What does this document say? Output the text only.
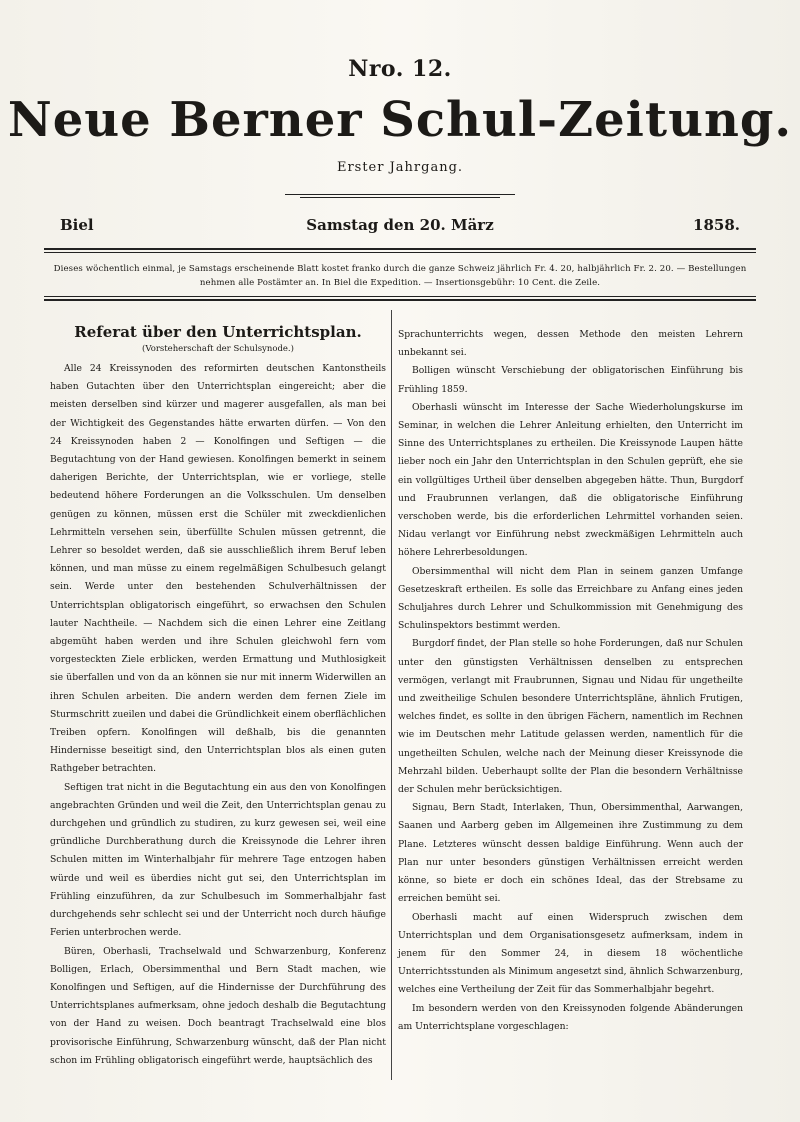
Nro. 12.
Neue Berner Schul-Zeitung.
Erster Jahrgang.
Biel	Samstag den 20. März	1858.
Dieses wöchentlich einmal, je Samstags erscheinende Blatt kostet franko durch die ganze Schweiz jährlich Fr. 4. 20, halbjährlich Fr. 2. 20. — Bestellungen nehmen alle Postämter an. In Biel die Expedition. — Insertionsgebühr: 10 Cent. die Zeile.
Referat über den Unterrichtsplan.
(Vorsteherschaft der Schulsynode.)

Alle 24 Kreissynoden des reformirten deutschen Kantonstheils haben Gutachten über den Unterrichtsplan eingereicht; aber die meisten derselben sind kürzer und magerer ausgefallen, als man bei der Wichtigkeit des Gegenstandes hätte erwarten dürfen. — Von den 24 Kreissynoden haben 2 — Konolfingen und Seftigen — die Begutachtung von der Hand gewiesen. Konolfingen bemerkt in seinem daherigen Berichte, der Unterrichtsplan, wie er vorliege, stelle bedeutend höhere Forderungen an die Volksschulen. Um denselben genügen zu können, müssen erst die Schüler mit zweckdienlichen Lehrmitteln versehen sein, überfüllte Schulen müssen getrennt, die Lehrer so besoldet werden, daß sie ausschließlich ihrem Beruf leben können, und man müsse zu einem regelmäßigen Schulbesuch gelangt sein. Werde unter den bestehenden Schulverhältnissen der Unterrichtsplan obligatorisch eingeführt, so erwachsen den Schulen lauter Nachtheile. — Nachdem sich die einen Lehrer eine Zeitlang abgemüht haben werden und ihre Schulen gleichwohl fern vom vorgesteckten Ziele erblicken, werden Ermattung und Muthlosigkeit sie überfallen und von da an können sie nur mit innerm Widerwillen an ihren Schulen arbeiten. Die andern werden dem fernen Ziele im Sturmschritt zueilen und dabei die Gründlichkeit einem oberflächlichen Treiben opfern. Konolfingen will deßhalb, bis die genannten Hindernisse beseitigt sind, den Unterrichtsplan blos als einen guten Rathgeber betrachten.

Seftigen trat nicht in die Begutachtung ein aus den von Konolfingen angebrachten Gründen und weil die Zeit, den Unterrichtsplan genau zu durchgehen und gründlich zu studiren, zu kurz gewesen sei, weil eine gründliche Durchberathung durch die Kreissynode die Lehrer ihren Schulen mitten im Winterhalbjahr für mehrere Tage entzogen haben würde und weil es überdies nicht gut sei, den Unterrichtsplan im Frühling einzuführen, da zur Schulbesuch im Sommerhalbjahr fast durchgehends sehr schlecht sei und der Unterricht noch durch häufige Ferien unterbrochen werde.

Büren, Oberhasli, Trachselwald und Schwarzenburg, Konferenz Bolligen, Erlach, Obersimmenthal und Bern Stadt machen, wie Konolfingen und Seftigen, auf die Hindernisse der Durchführung des Unterrichtsplanes aufmerksam, ohne jedoch deshalb die Begutachtung von der Hand zu weisen. Doch beantragt Trachselwald eine blos provisorische Einführung, Schwarzenburg wünscht, daß der Plan nicht schon im Frühling obligatorisch eingeführt werde, hauptsächlich des

Sprachunterrichts wegen, dessen Methode den meisten Lehrern unbekannt sei.

Bolligen wünscht Verschiebung der obligatorischen Einführung bis Frühling 1859.

Oberhasli wünscht im Interesse der Sache Wiederholungskurse im Seminar, in welchen die Lehrer Anleitung erhielten, den Unterricht im Sinne des Unterrichtsplanes zu ertheilen. Die Kreissynode Laupen hätte lieber noch ein Jahr den Unterrichtsplan in den Schulen geprüft, ehe sie ein vollgültiges Urtheil über denselben abgegeben hätte. Thun, Burgdorf und Fraubrunnen verlangen, daß die obligatorische Einführung verschoben werde, bis die erforderlichen Lehrmittel vorhanden seien. Nidau verlangt vor Einführung nebst zweckmäßigen Lehrmitteln auch höhere Lehrerbesoldungen.

Obersimmenthal will nicht dem Plan in seinem ganzen Umfange Gesetzeskraft ertheilen. Es solle das Erreichbare zu Anfang eines jeden Schuljahres durch Lehrer und Schulkommission mit Genehmigung des Schulinspektors bestimmt werden.

Burgdorf findet, der Plan stelle so hohe Forderungen, daß nur Schulen unter den günstigsten Verhältnissen denselben zu entsprechen vermögen, verlangt mit Fraubrunnen, Signau und Nidau für ungetheilte und zweitheilige Schulen besondere Unterrichtspläne, ähnlich Frutigen, welches findet, es sollte in den übrigen Fächern, namentlich im Rechnen wie im Deutschen mehr Latitude gelassen werden, namentlich für die ungetheilten Schulen, welche nach der Meinung dieser Kreissynode die Mehrzahl bilden. Ueberhaupt sollte der Plan die besondern Verhältnisse der Schulen mehr berücksichtigen.

Signau, Bern Stadt, Interlaken, Thun, Obersimmenthal, Aarwangen, Saanen und Aarberg geben im Allgemeinen ihre Zustimmung zu dem Plane. Letzteres wünscht dessen baldige Einführung. Wenn auch der Plan nur unter besonders günstigen Verhältnissen erreicht werden könne, so biete er doch ein schönes Ideal, das der Strebsame zu erreichen bemüht sei.

Oberhasli macht auf einen Widerspruch zwischen dem Unterrichtsplan und dem Organisationsgesetz aufmerksam, indem in jenem für den Sommer 24, in diesem 18 wöchentliche Unterrichtsstunden als Minimum angesetzt sind, ähnlich Schwarzenburg, welches eine Vertheilung der Zeit für das Sommerhalbjahr begehrt.

Im besondern werden von den Kreissynoden folgende Abänderungen am Unterrichtsplane vorgeschlagen:
